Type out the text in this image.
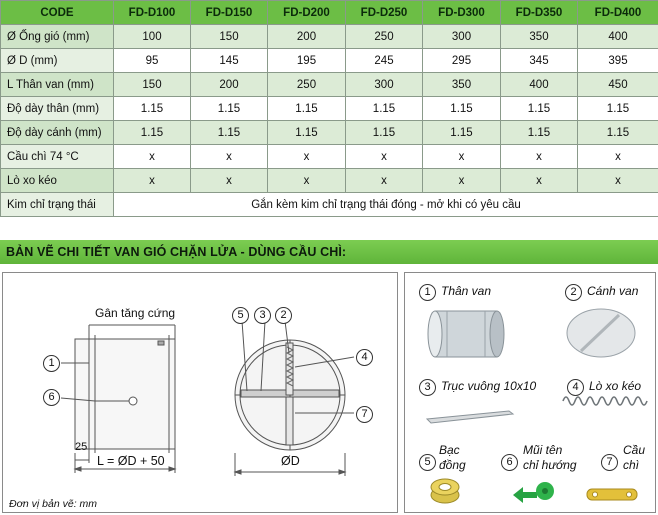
CODE	FD-D100	FD-D150	FD-D200	FD-D250	FD-D300	FD-D350	FD-D400
Ø Ống gió (mm)	100	150	200	250	300	350	400
Ø D (mm)	95	145	195	245	295	345	395
L Thân van (mm)	150	200	250	300	350	400	450
Độ dày thân (mm)	1.15	1.15	1.15	1.15	1.15	1.15	1.15
Độ dày cánh (mm)	1.15	1.15	1.15	1.15	1.15	1.15	1.15
Cầu chì 74 °C	x	x	x	x	x	x	x
Lò xo kéo	x	x	x	x	x	x	x
Kim chỉ trạng thái	Gắn kèm kim chỉ trạng thái đóng - mở khi có yêu cầu						
BẢN VẼ CHI TIẾT VAN GIÓ CHẶN LỬA - DÙNG CẦU CHÌ:
Gân tăng cứng
1
6
5	3	2
4
7
25
L = ØD + 50	ØD
Đơn vị bản vẽ: mm
1 Thân van	2 Cánh van
3 Trục vuông 10x10	4 Lò xo kéo
5
Bạc
đồng	6
Mũi tên
chỉ hướng	7
Cầu
chì
